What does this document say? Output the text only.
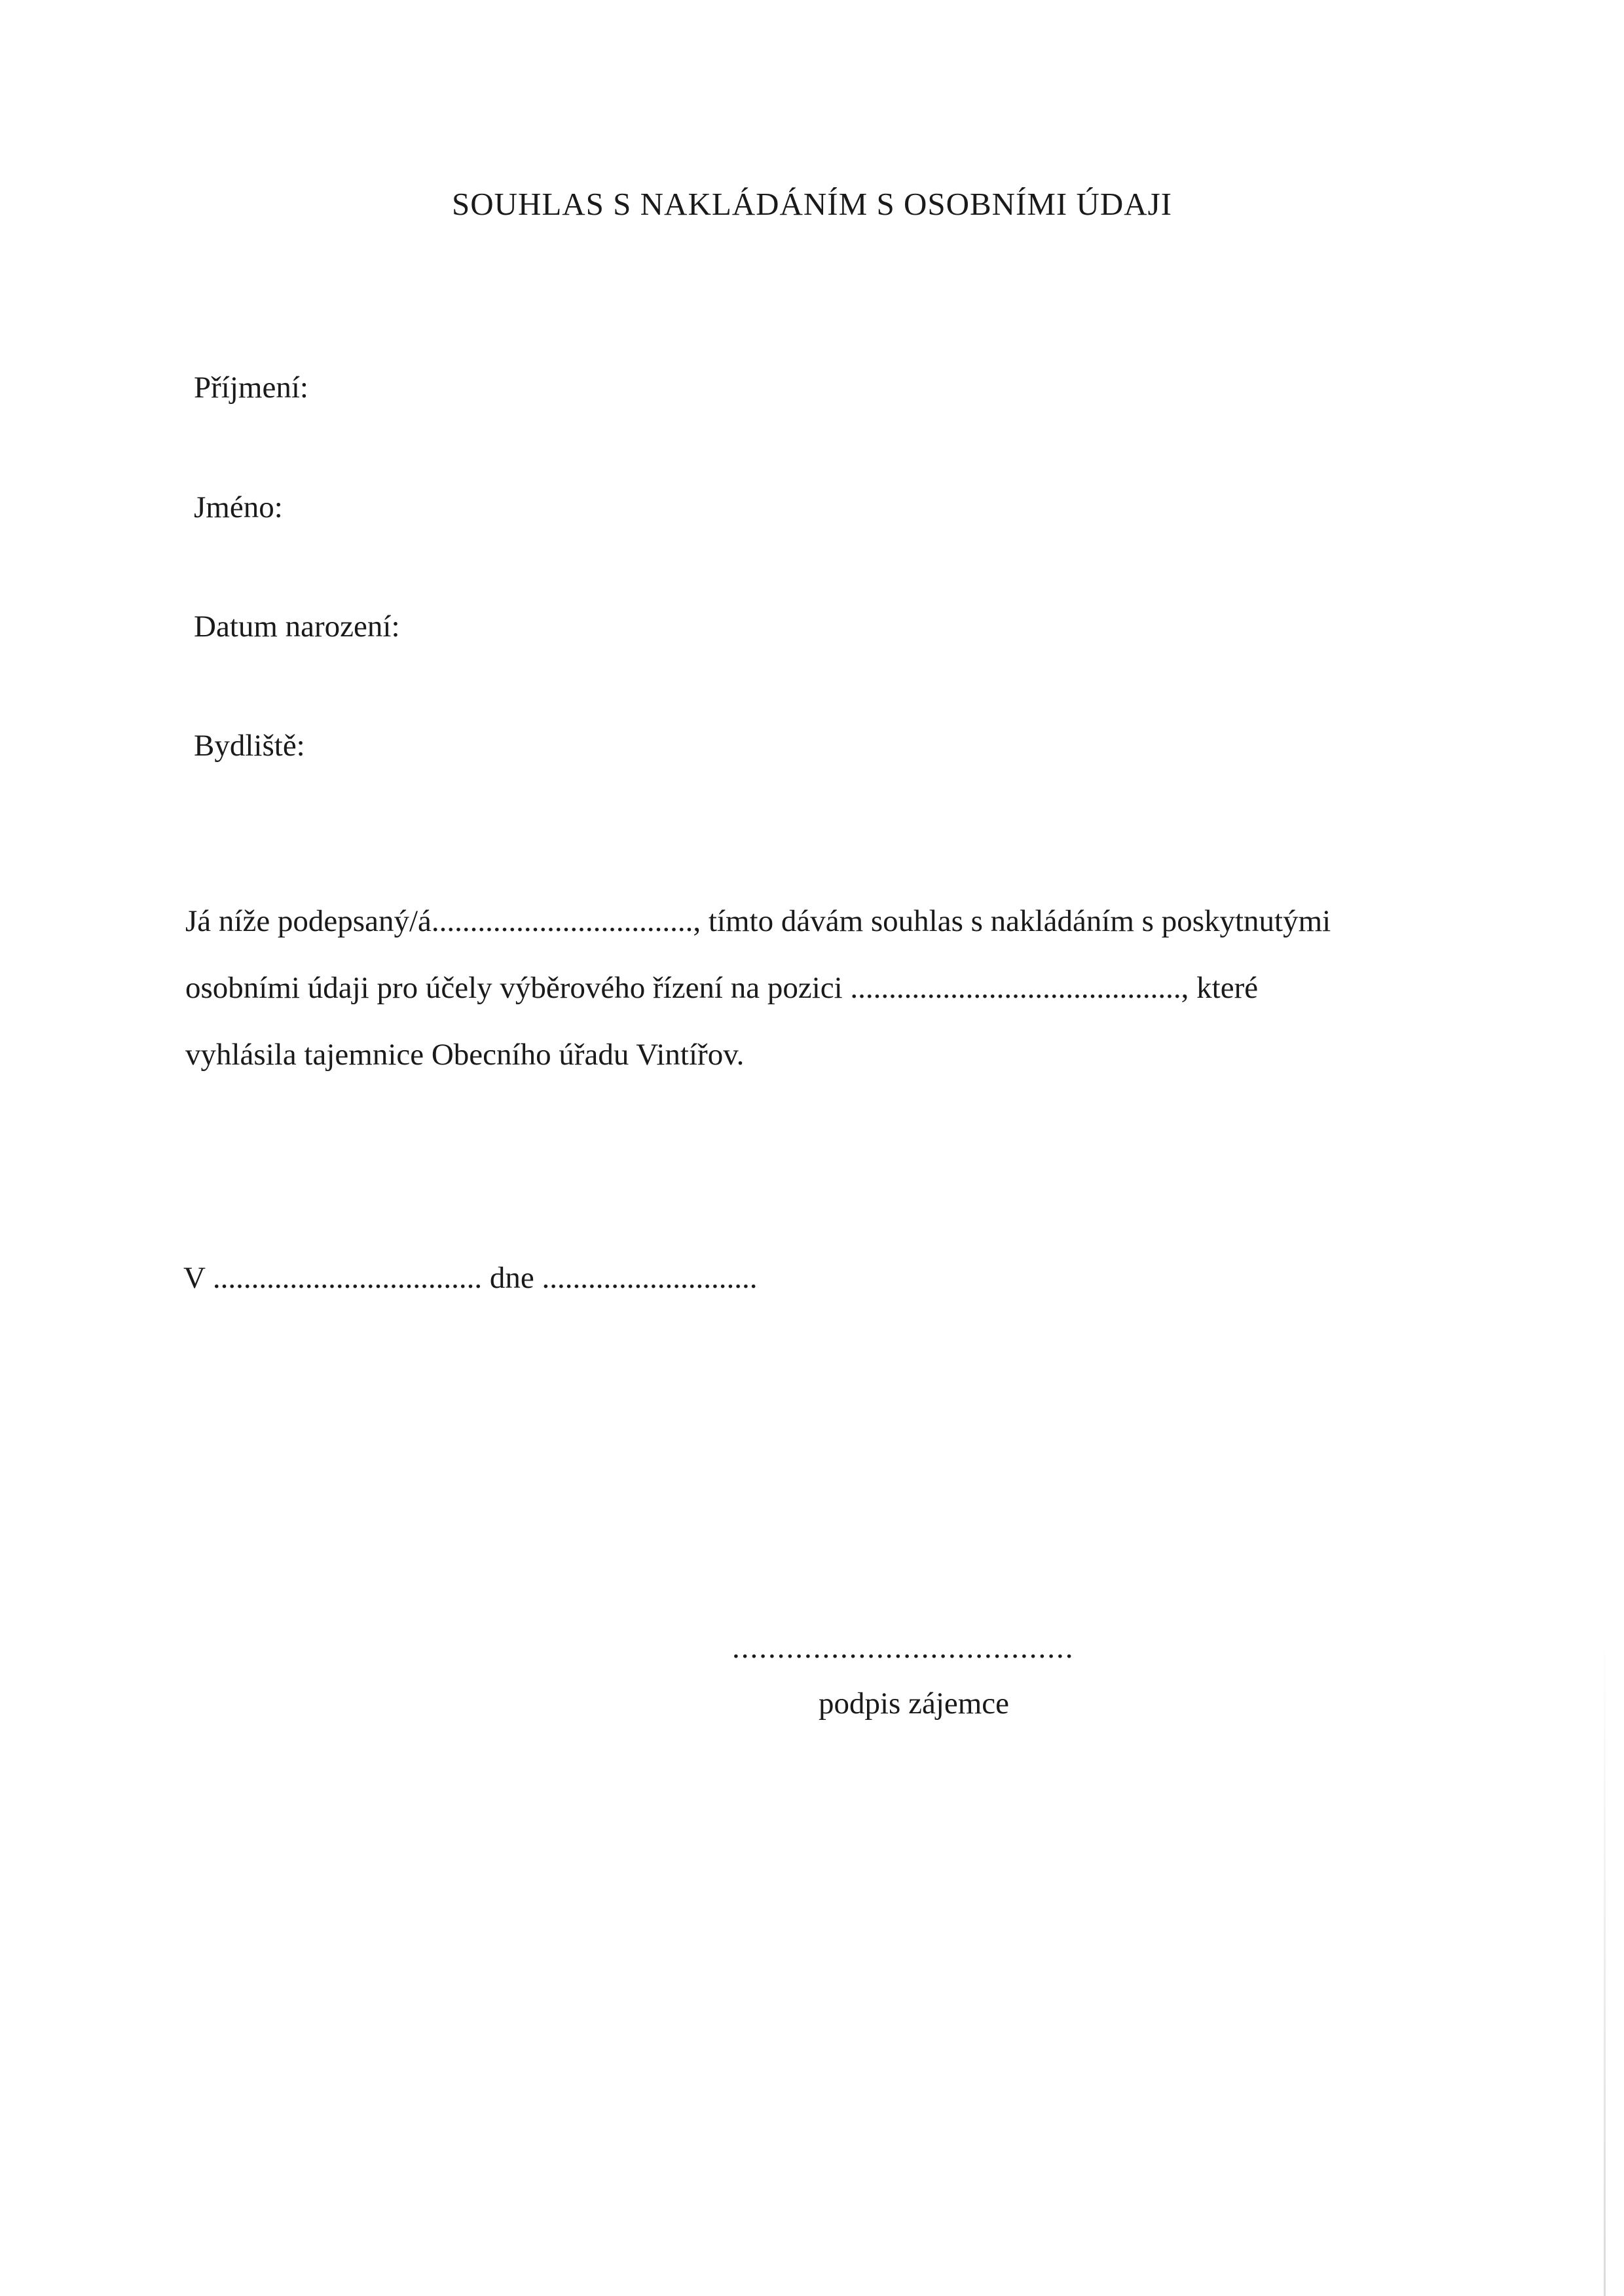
SOUHLAS S NAKLÁDÁNÍM S OSOBNÍMI ÚDAJI
Příjmení:
Jméno:
Datum narození:
Bydliště:
Já níže podepsaný/á.................................., tímto dávám souhlas s nakládáním s poskytnutými
osobními údaji pro účely výběrového řízení na pozici ..........................................., které
vyhlásila tajemnice Obecního úřadu Vintířov.
V ................................... dne ............................
......................................
podpis zájemce
